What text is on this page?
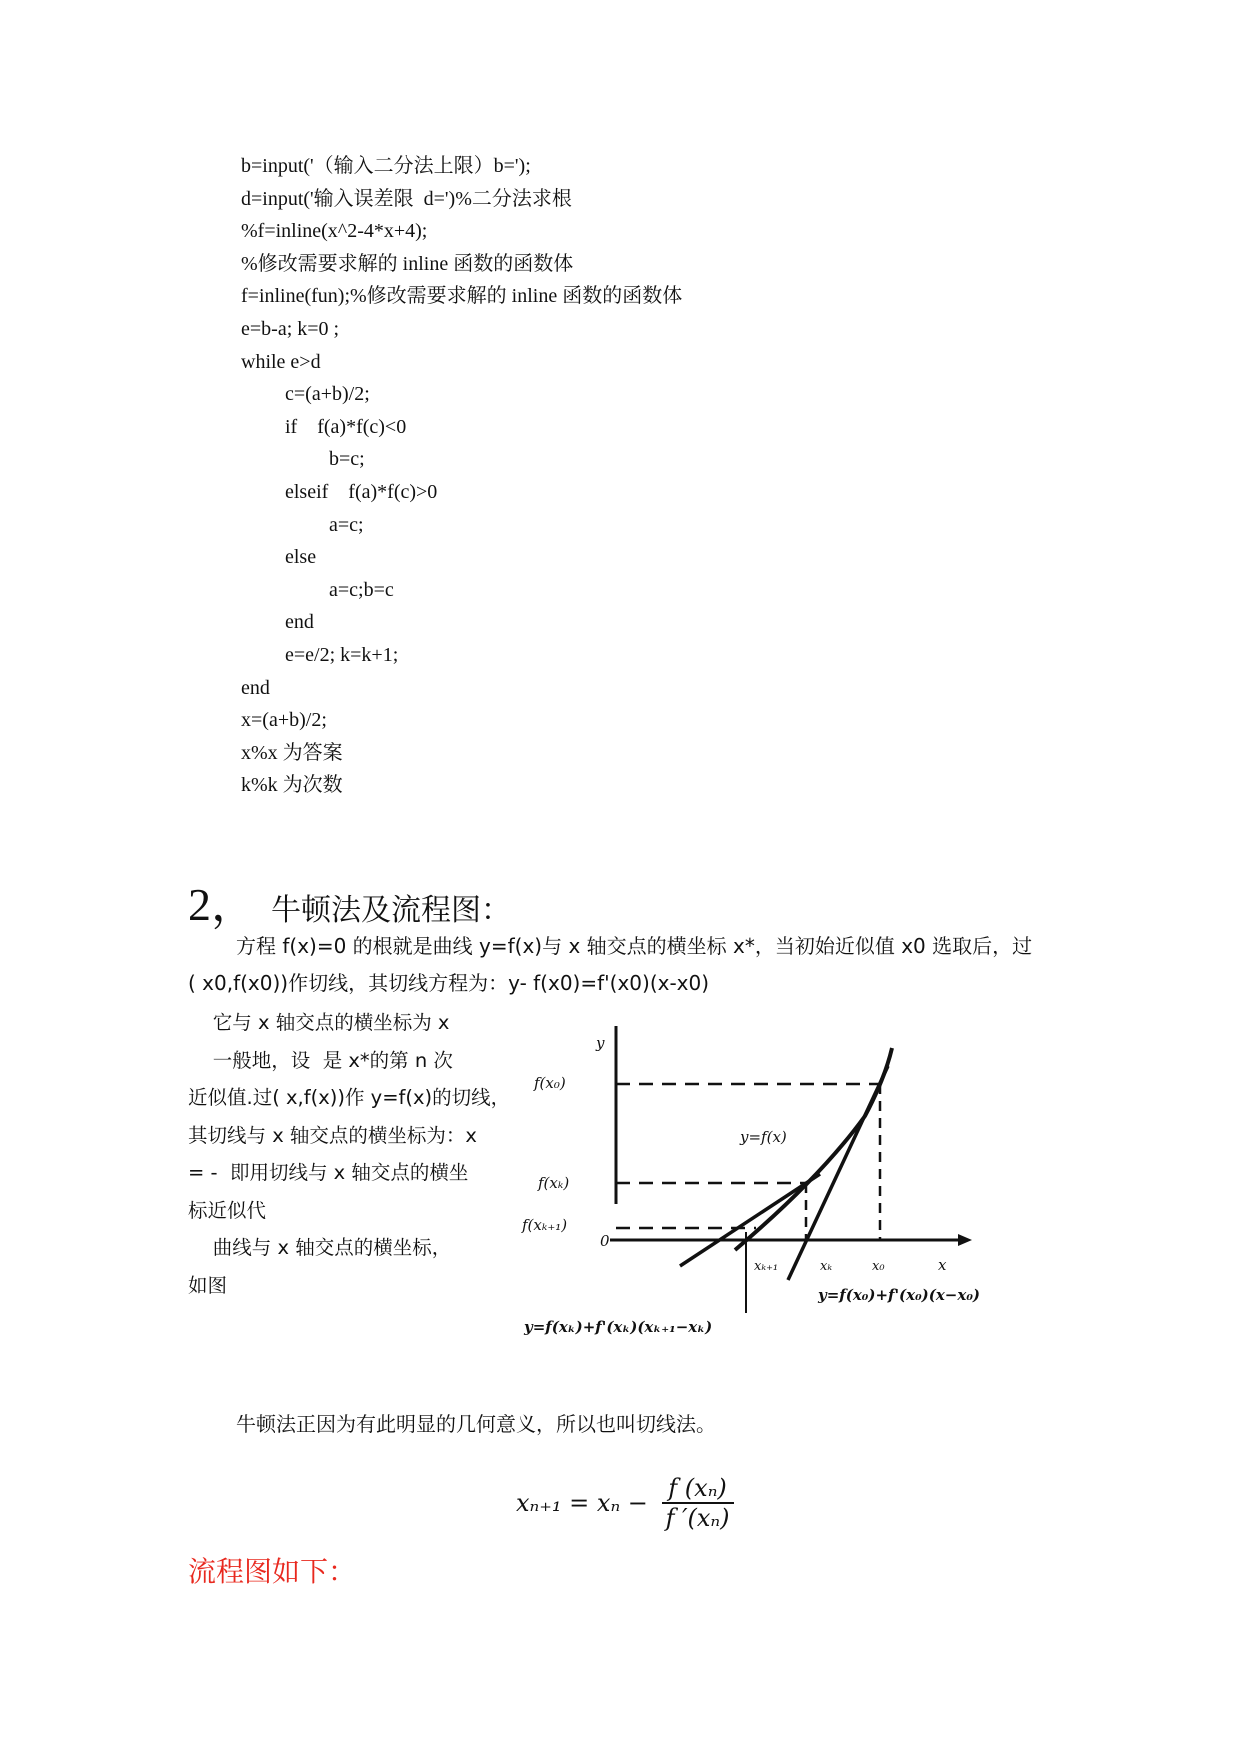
b=input('（输入二分法上限）b=');
d=input('输入误差限  d=')%二分法求根
%f=inline(x^2-4*x+4);
%修改需要求解的 inline 函数的函数体
f=inline(fun);%修改需要求解的 inline 函数的函数体
e=b-a; k=0 ;
while e>d
c=(a+b)/2;
if    f(a)*f(c)<0
b=c;
elseif    f(a)*f(c)>0
a=c;
else
a=c;b=c
end
e=e/2; k=k+1;
end
x=(a+b)/2;
x%x 为答案
k%k 为次数
2， 牛顿法及流程图：
方程 f(x)=0 的根就是曲线 y=f(x)与 x 轴交点的横坐标 x*，当初始近似值 x0 选取后，过
( x0,f(x0))作切线，其切线方程为：y- f(x0)=f'(x0)(x-x0)
它与 x 轴交点的横坐标为 x
一般地，设  是 x*的第 n 次
近似值.过( x,f(x))作 y=f(x)的切线，
其切线与 x 轴交点的横坐标为：x
= -  即用切线与 x 轴交点的横坐
标近似代
曲线与 x 轴交点的横坐标，
如图
y
x
0
f(x₀)
f(xₖ)
f(xₖ₊₁)
y=f(x)
xₖ₊₁	xₖ	x₀
y=f(x₀)+f'(x₀)(x−x₀)
y=f(xₖ)+f'(xₖ)(xₖ₊₁−xₖ)
牛顿法正因为有此明显的几何意义，所以也叫切线法。
$x_{n+1} = x_n - \frac{\text{f (xₙ)}}{\text{f ′(xₙ)}}$
流程图如下：
